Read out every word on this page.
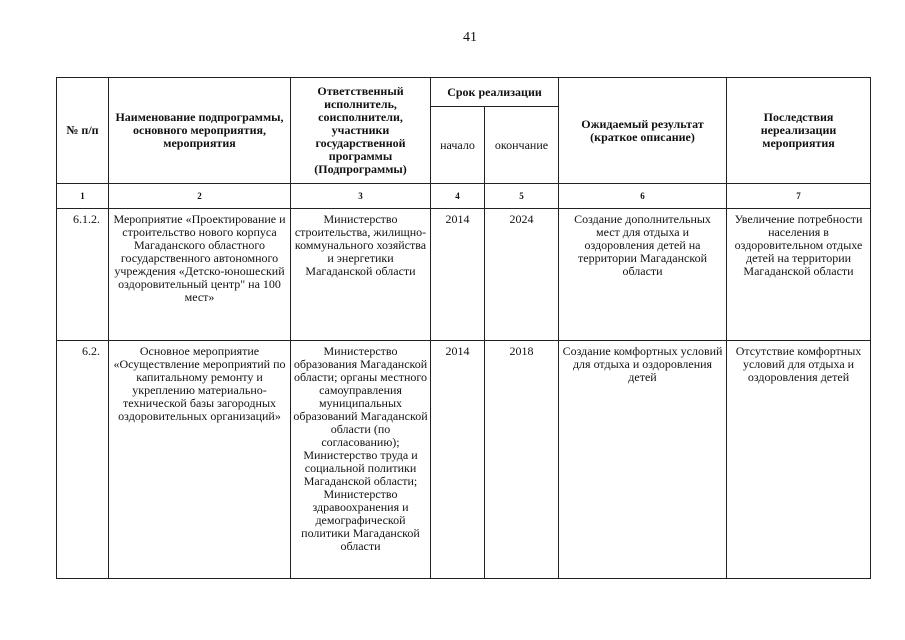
41
№ п/п	Наименование подпрограммы, основного мероприятия, мероприятия	Ответственный исполнитель, соисполнители, участники государственной программы (Подпрограммы)	Срок реализации		Ожидаемый результат (краткое описание)	Последствия нереализации мероприятия
			начало	окончание		
1	2	3	4	5	6	7
6.1.2.	Мероприятие «Проектирование и строительство нового корпуса Магаданского областного государственного автономного учреждения «Детско-юношеский оздоровительный центр" на 100 мест»	Министерство строительства, жилищно-коммунального хозяйства и энергетики Магаданской области	2014	2024	Создание дополнительных мест для отдыха и оздоровления детей на территории Магаданской области	Увеличение потребности населения в оздоровительном отдыхе детей на территории Магаданской области
6.2.	Основное мероприятие «Осуществление мероприятий по капитальному ремонту и укреплению материально-технической базы загородных оздоровительных организаций»	Министерство образования Магаданской области; органы местного самоуправления муниципальных образований Магаданской области (по согласованию); Министерство труда и социальной политики Магаданской области; Министерство здравоохранения и демографической политики Магаданской области	2014	2018	Создание комфортных условий для отдыха и оздоровления детей	Отсутствие комфортных условий для отдыха и оздоровления детей
